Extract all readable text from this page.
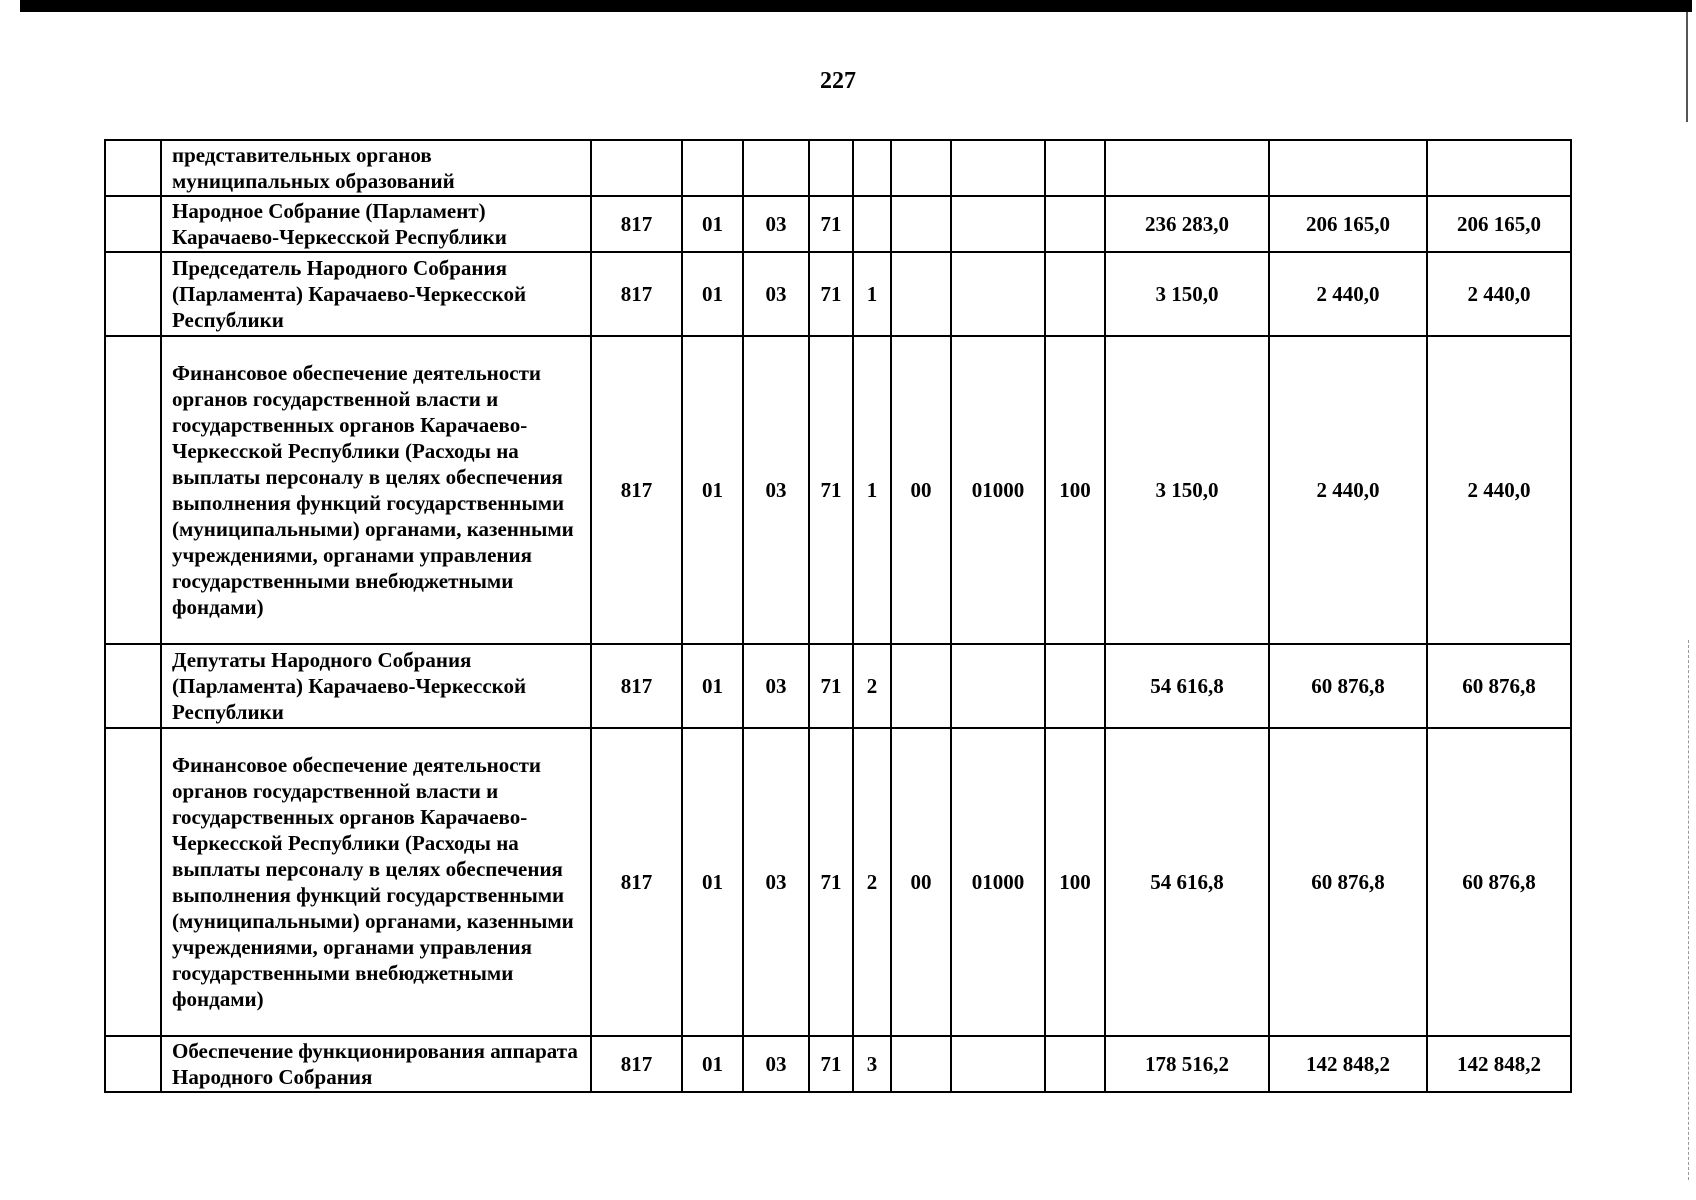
227
	представительных органов муниципальных образований											
	Народное Собрание (Парламент) Карачаево-Черкесской Республики	817	01	03	71					236 283,0	206 165,0	206 165,0
	Председатель Народного Собрания (Парламента) Карачаево-Черкесской Республики	817	01	03	71	1				3 150,0	2 440,0	2 440,0
	Финансовое обеспечение деятельности органов государственной власти и государственных органов Карачаево-Черкесской Республики (Расходы на выплаты персоналу в целях обеспечения выполнения функций государственными (муниципальными) органами, казенными учреждениями, органами управления государственными внебюджетными фондами)	817	01	03	71	1	00	01000	100	3 150,0	2 440,0	2 440,0
	Депутаты Народного Собрания (Парламента) Карачаево-Черкесской Республики	817	01	03	71	2				54 616,8	60 876,8	60 876,8
	Финансовое обеспечение деятельности органов государственной власти и государственных органов Карачаево-Черкесской Республики (Расходы на выплаты персоналу в целях обеспечения выполнения функций государственными (муниципальными) органами, казенными учреждениями, органами управления государственными внебюджетными фондами)	817	01	03	71	2	00	01000	100	54 616,8	60 876,8	60 876,8
	Обеспечение функционирования аппарата Народного Собрания	817	01	03	71	3				178 516,2	142 848,2	142 848,2
